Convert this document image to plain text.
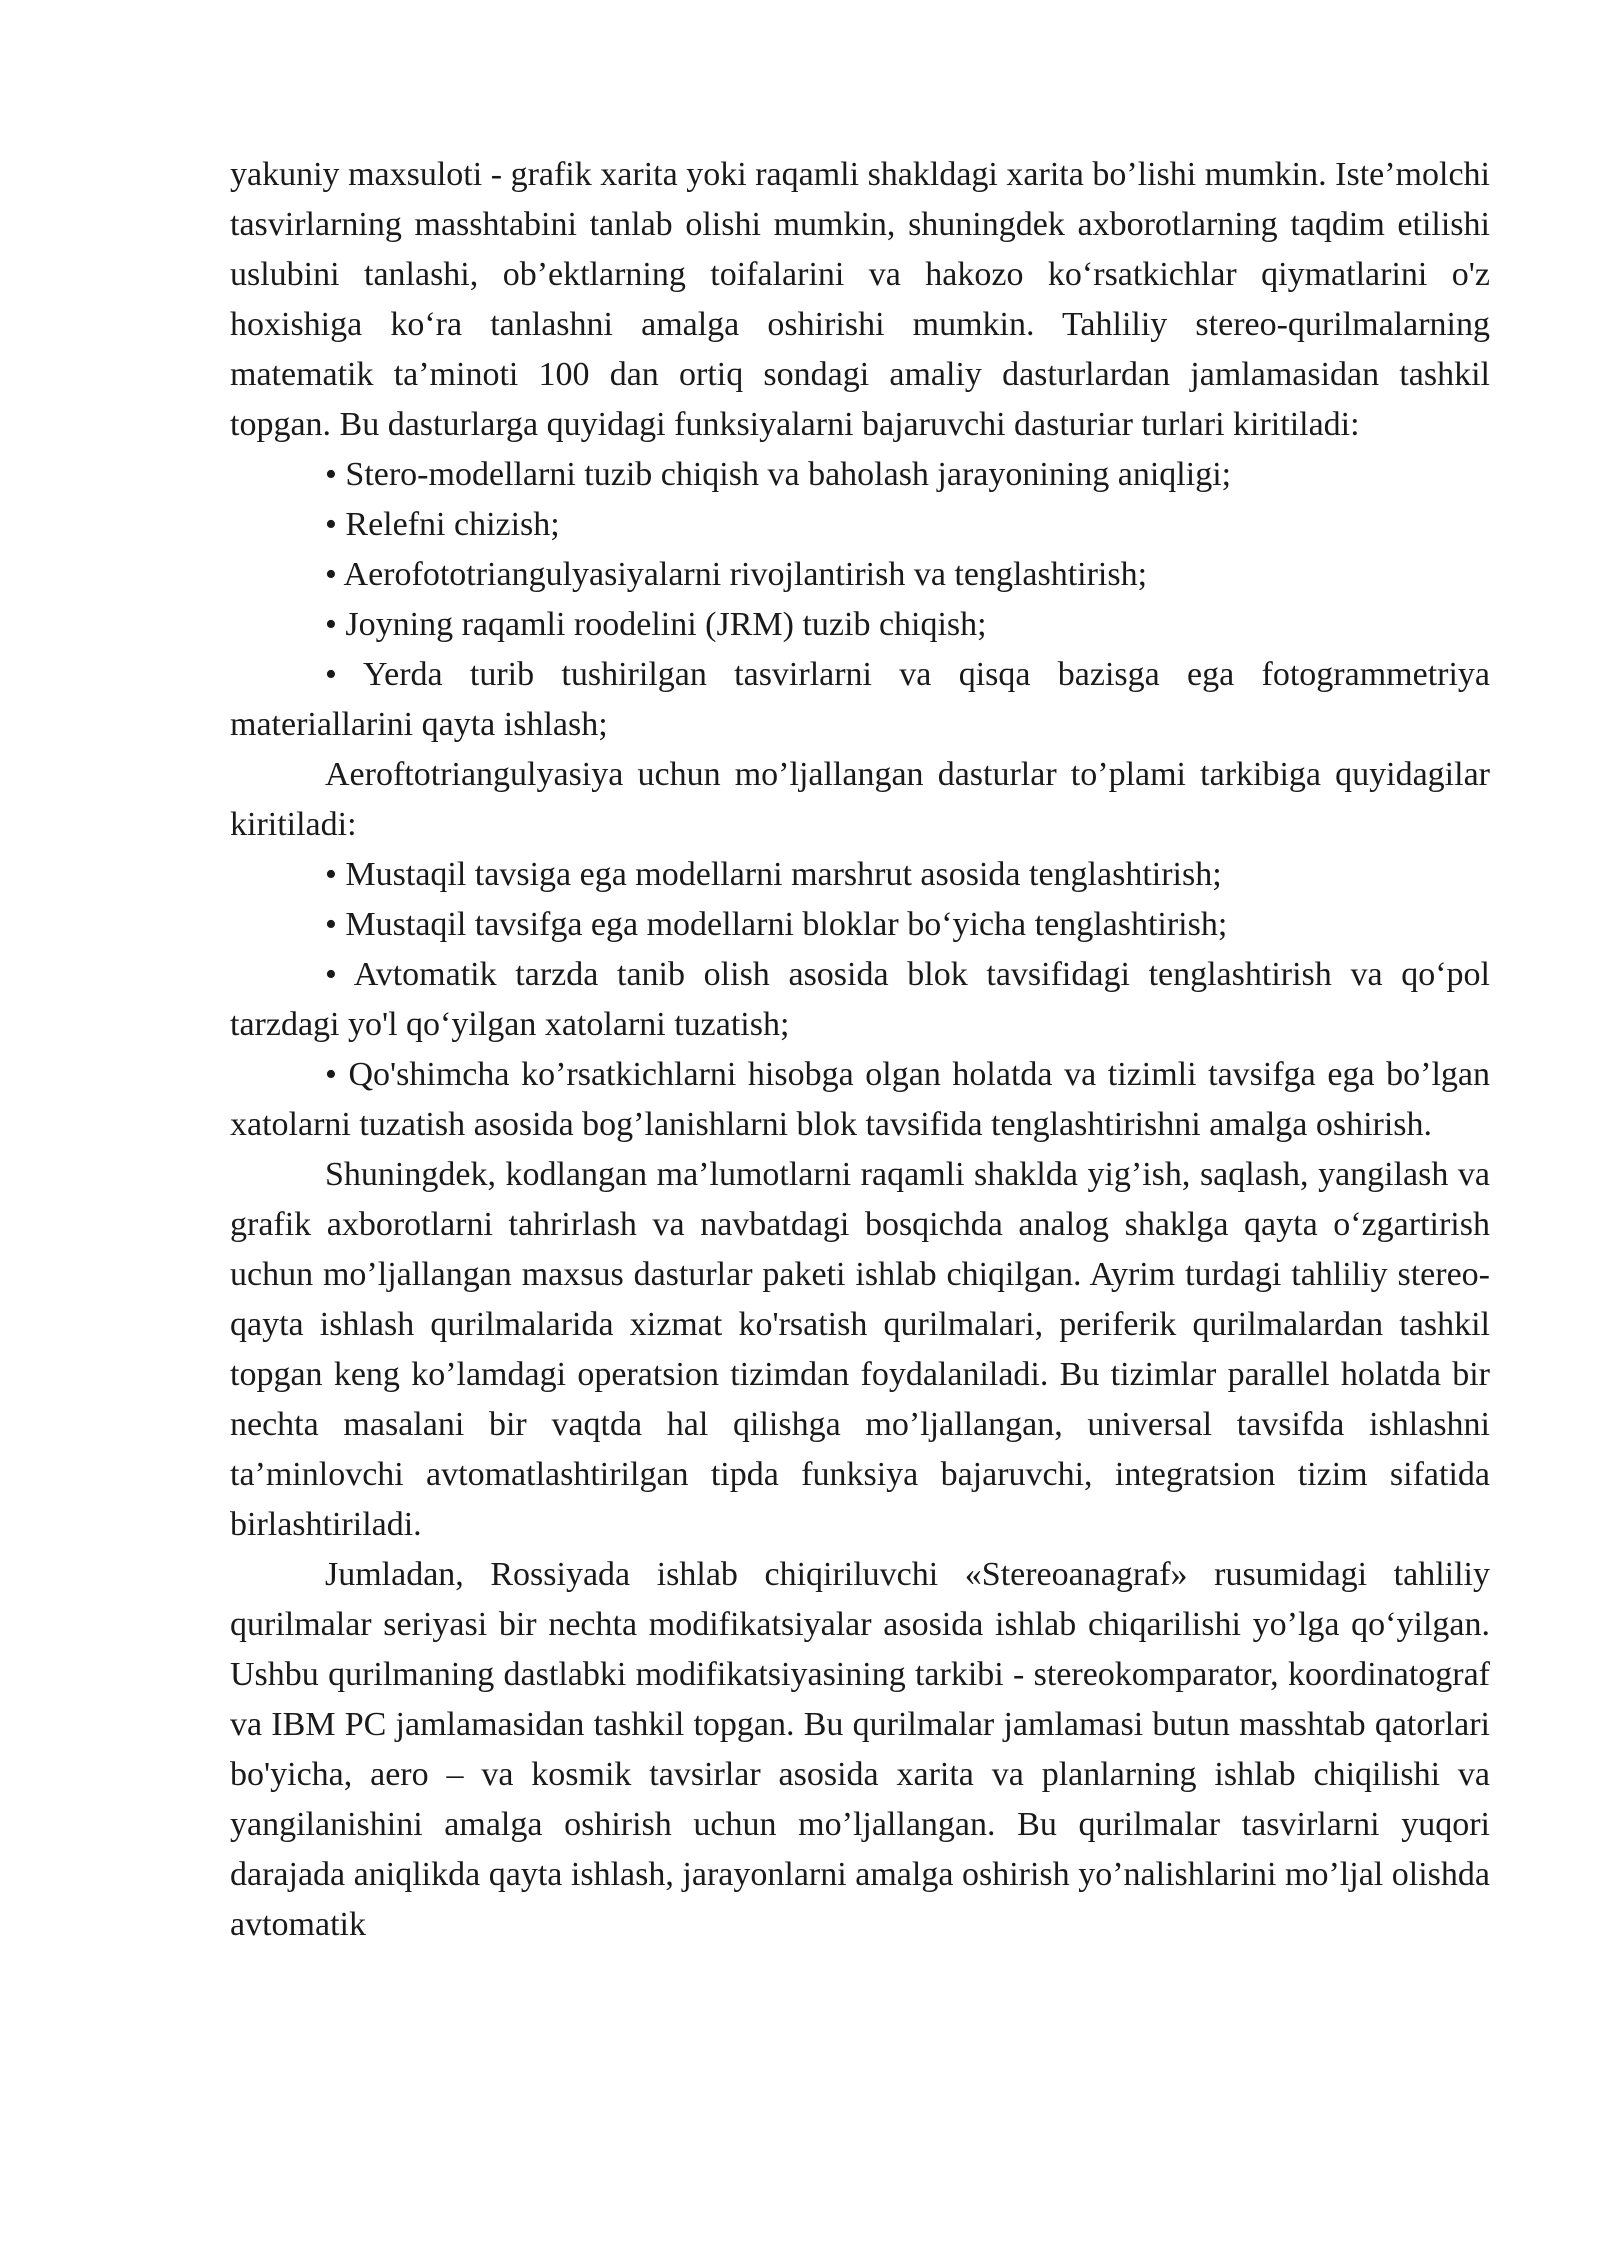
yakuniy maxsuloti - grafik xarita yoki raqamli shakldagi xarita bo’lishi mumkin. Iste’molchi tasvirlarning masshtabini tanlab olishi mumkin, shuningdek axborotlarning taqdim etilishi uslubini tanlashi, ob’ektlarning toifalarini va hakozo ko‘rsatkichlar qiymatlarini o'z hoxishiga ko‘ra tanlashni amalga oshirishi mumkin. Tahliliy stereo-qurilmalarning matematik ta’minoti 100 dan ortiq sondagi amaliy dasturlardan jamlamasidan tashkil topgan. Bu dasturlarga quyidagi funksiyalarni bajaruvchi dasturiar turlari kiritiladi:

• Stero-modellarni tuzib chiqish va baholash jarayonining aniqligi;
• Relefni chizish;
• Aerofototriangulyasiyalarni rivojlantirish va tenglashtirish;
• Joyning raqamli roodelini (JRM) tuzib chiqish;
• Yerda turib tushirilgan tasvirlarni va qisqa bazisga ega fotogrammetriya materiallarini qayta ishlash;

Aeroftotriangulyasiya uchun mo’ljallangan dasturlar to’plami tarkibiga quyidagilar kiritiladi:

• Mustaqil tavsiga ega modellarni marshrut asosida tenglashtirish;
• Mustaqil tavsifga ega modellarni bloklar bo‘yicha tenglashtirish;
• Avtomatik tarzda tanib olish asosida blok tavsifidagi tenglashtirish va qo‘pol tarzdagi yo'l qo‘yilgan xatolarni tuzatish;
• Qo'shimcha ko’rsatkichlarni hisobga olgan holatda va tizimli tavsifga ega bo’lgan xatolarni tuzatish asosida bog’lanishlarni blok tavsifida tenglashtirishni amalga oshirish.

Shuningdek, kodlangan ma’lumotlarni raqamli shaklda yig’ish, saqlash, yangilash va grafik axborotlarni tahrirlash va navbatdagi bosqichda analog shaklga qayta o‘zgartirish uchun mo’ljallangan maxsus dasturlar paketi ishlab chiqilgan. Ayrim turdagi tahliliy stereo-qayta ishlash qurilmalarida xizmat ko'rsatish qurilmalari, periferik qurilmalardan tashkil topgan keng ko’lamdagi operatsion tizimdan foydalaniladi. Bu tizimlar parallel holatda bir nechta masalani bir vaqtda hal qilishga mo’ljallangan, universal tavsifda ishlashni ta’minlovchi avtomatlashtirilgan tipda funksiya bajaruvchi, integratsion tizim sifatida birlashtiriladi.

Jumladan, Rossiyada ishlab chiqiriluvchi «Stereoanagraf» rusumidagi tahliliy qurilmalar seriyasi bir nechta modifikatsiyalar asosida ishlab chiqarilishi yo’lga qo‘yilgan. Ushbu qurilmaning dastlabki modifikatsiyasining tarkibi - stereokomparator, koordinatograf va IBM PC jamlamasidan tashkil topgan. Bu qurilmalar jamlamasi butun masshtab qatorlari bo'yicha, aero – va kosmik tavsirlar asosida xarita va planlarning ishlab chiqilishi va yangilanishini amalga oshirish uchun mo’ljallangan. Bu qurilmalar tasvirlarni yuqori darajada aniqlikda qayta ishlash, jarayonlarni amalga oshirish yo’nalishlarini mo’ljal olishda avtomatik
